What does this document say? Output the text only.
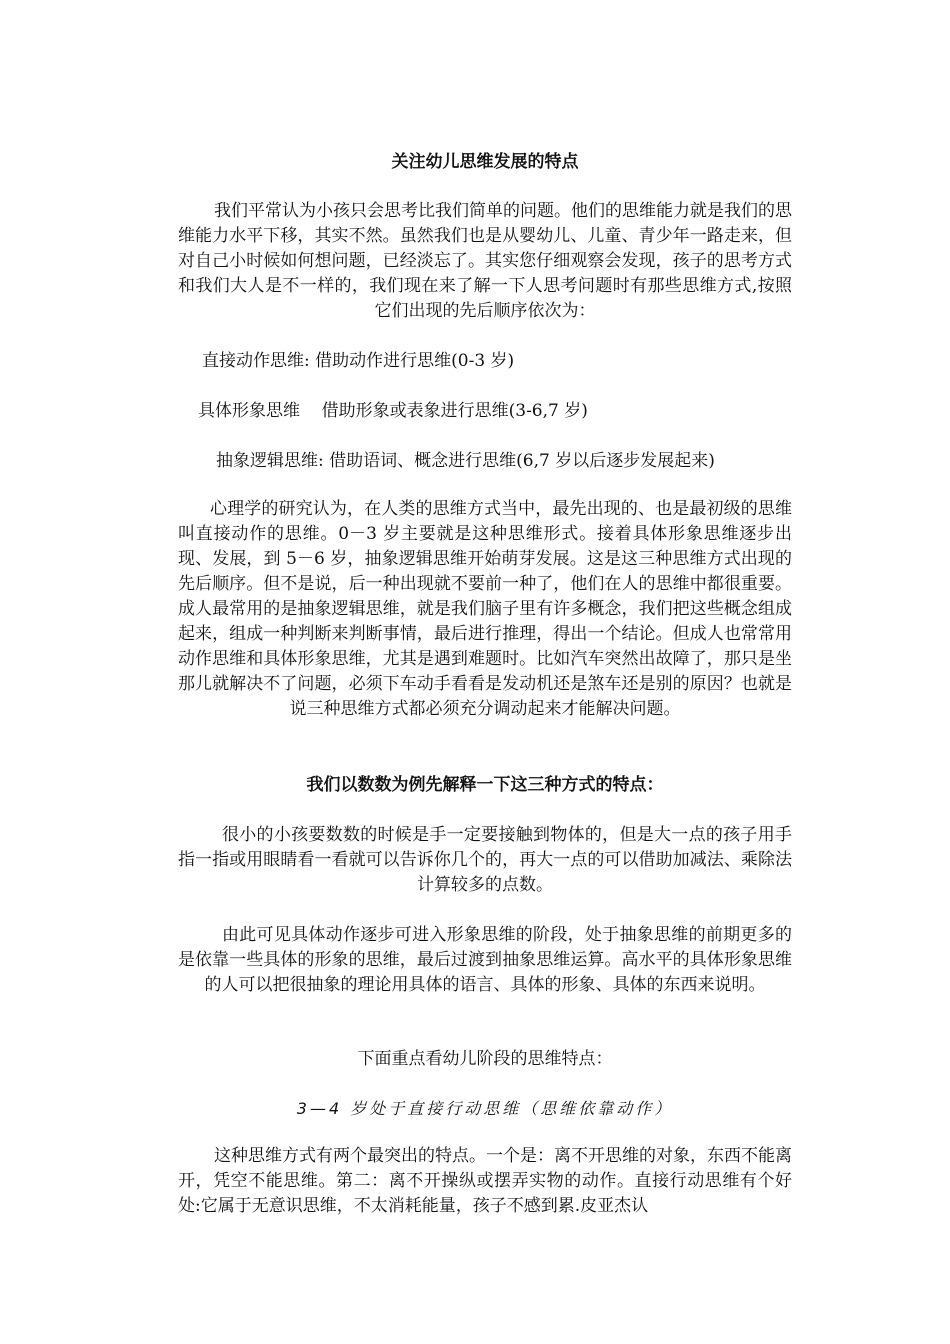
关注幼儿思维发展的特点

我们平常认为小孩只会思考比我们简单的问题。他们的思维能力就是我们的思维能力水平下移，其实不然。虽然我们也是从婴幼儿、儿童、青少年一路走来，但对自己小时候如何想问题，已经淡忘了。其实您仔细观察会发现，孩子的思考方式和我们大人是不一样的，我们现在来了解一下人思考问题时有那些思维方式,按照它们出现的先后顺序依次为：

直接动作思维: 借助动作进行思维(0-3 岁)

具体形象思维    借助形象或表象进行思维(3-6,7 岁)

抽象逻辑思维: 借助语词、概念进行思维(6,7 岁以后逐步发展起来)

心理学的研究认为，在人类的思维方式当中，最先出现的、也是最初级的思维叫直接动作的思维。0－3 岁主要就是这种思维形式。接着具体形象思维逐步出现、发展，到 5－6 岁，抽象逻辑思维开始萌芽发展。这是这三种思维方式出现的先后顺序。但不是说，后一种出现就不要前一种了，他们在人的思维中都很重要。成人最常用的是抽象逻辑思维，就是我们脑子里有许多概念，我们把这些概念组成起来，组成一种判断来判断事情，最后进行推理，得出一个结论。但成人也常常用动作思维和具体形象思维，尤其是遇到难题时。比如汽车突然出故障了，那只是坐那儿就解决不了问题，必须下车动手看看是发动机还是煞车还是别的原因？也就是说三种思维方式都必须充分调动起来才能解决问题。

我们以数数为例先解释一下这三种方式的特点：

很小的小孩要数数的时候是手一定要接触到物体的，但是大一点的孩子用手指一指或用眼睛看一看就可以告诉你几个的，再大一点的可以借助加减法、乘除法计算较多的点数。

由此可见具体动作逐步可进入形象思维的阶段，处于抽象思维的前期更多的是依靠一些具体的形象的思维，最后过渡到抽象思维运算。高水平的具体形象思维的人可以把很抽象的理论用具体的语言、具体的形象、具体的东西来说明。

下面重点看幼儿阶段的思维特点：

3—4 岁处于直接行动思维（思维依靠动作）

这种思维方式有两个最突出的特点。一个是：离不开思维的对象，东西不能离开，凭空不能思维。第二：离不开操纵或摆弄实物的动作。直接行动思维有个好处:它属于无意识思维，不太消耗能量，孩子不感到累.皮亚杰认
